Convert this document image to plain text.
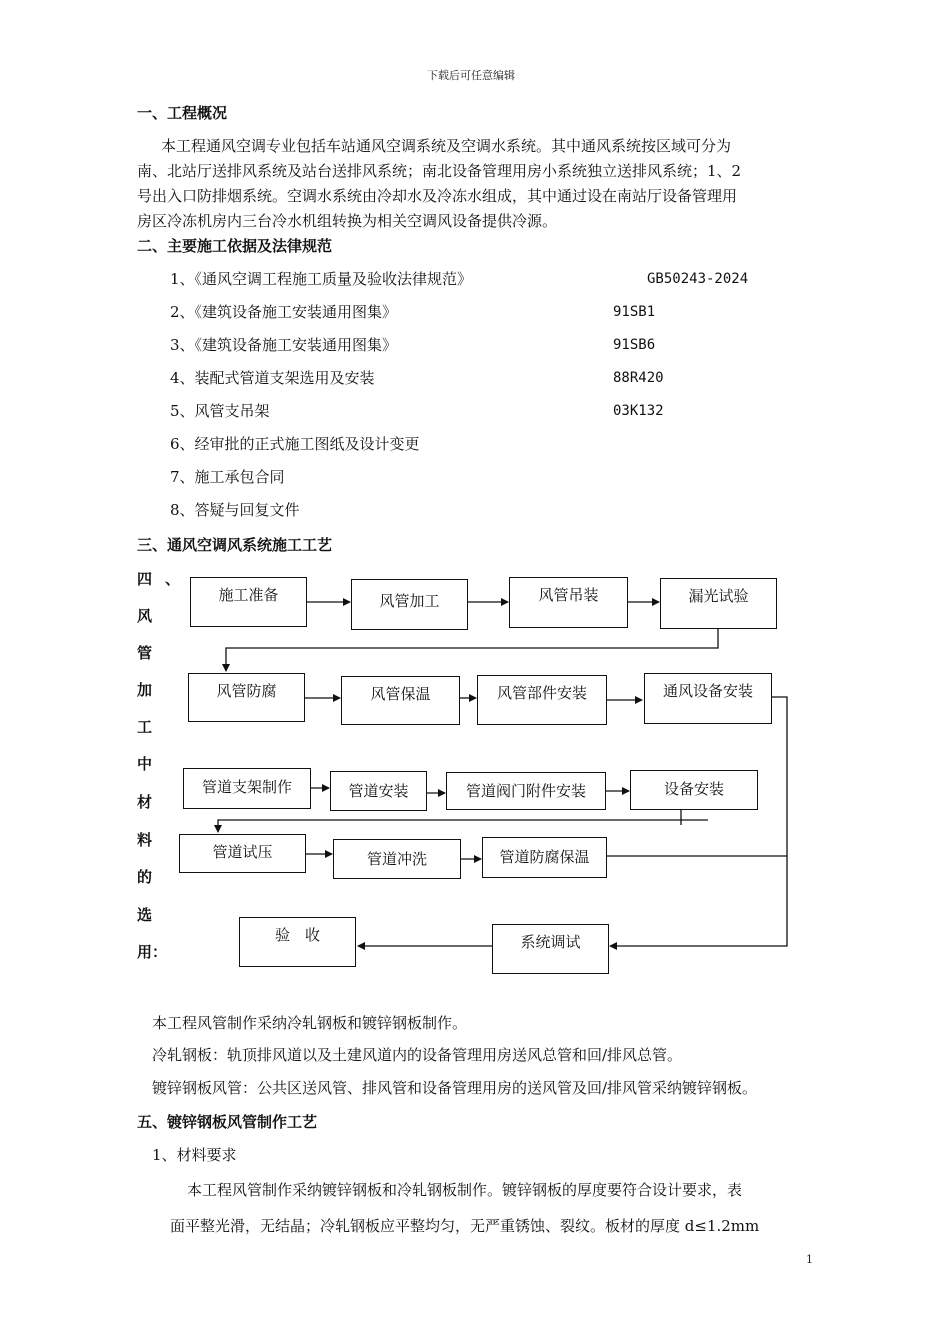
下载后可任意编辑
一、工程概况
本工程通风空调专业包括车站通风空调系统及空调水系统。其中通风系统按区域可分为
南、北站厅送排风系统及站台送排风系统；南北设备管理用房小系统独立送排风系统；1、2
号出入口防排烟系统。空调水系统由冷却水及冷冻水组成，其中通过设在南站厅设备管理用
房区冷冻机房内三台冷水机组转换为相关空调风设备提供冷源。
二、主要施工依据及法律规范
1、《通风空调工程施工质量及验收法律规范》	GB50243-2024
2、《建筑设备施工安装通用图集》	91SB1
3、《建筑设备施工安装通用图集》	91SB6
4、装配式管道支架选用及安装	88R420
5、风管支吊架	03K132
6、经审批的正式施工图纸及设计变更
7、施工承包合同
8、答疑与回复文件
三、通风空调风系统施工工艺
四 、
风
管
加
工
中
材
料
的
选
用：
施工准备	风管加工	风管吊装	漏光试验
风管防腐	风管保温	风管部件安装	通风设备安装
管道支架制作	管道安装	管道阀门附件安装	设备安装
管道试压	管道冲洗	管道防腐保温
验　收	系统调试
本工程风管制作采纳冷轧钢板和镀锌钢板制作。
冷轧钢板：轨顶排风道以及土建风道内的设备管理用房送风总管和回/排风总管。
镀锌钢板风管：公共区送风管、排风管和设备管理用房的送风管及回/排风管采纳镀锌钢板。
五、镀锌钢板风管制作工艺
1、材料要求
本工程风管制作采纳镀锌钢板和冷轧钢板制作。镀锌钢板的厚度要符合设计要求，表
面平整光滑，无结晶；冷轧钢板应平整均匀，无严重锈蚀、裂纹。板材的厚度 d≤1.2mm
1
